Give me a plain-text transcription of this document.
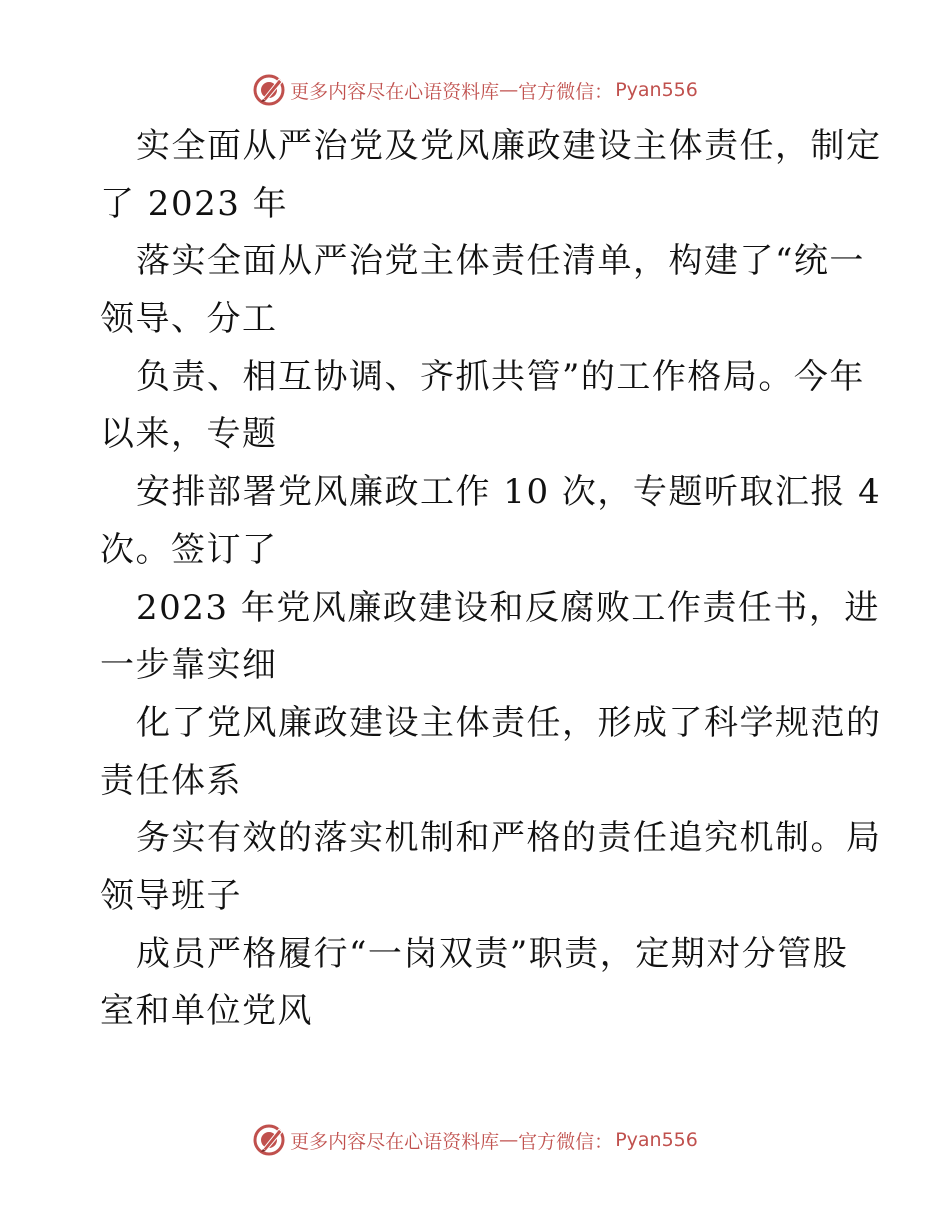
更多内容尽在心语资料库 — 官方微信： Pyan556
实全面从严治党及党风廉政建设主体责任，制定
了 2023 年
落实全面从严治党主体责任清单，构建了“统一
领导、分工
负责、相互协调、齐抓共管”的工作格局。今年
以来，专题
安排部署党风廉政工作 10 次，专题听取汇报 4
次。签订了
2023 年党风廉政建设和反腐败工作责任书，进
一步靠实细
化了党风廉政建设主体责任，形成了科学规范的
责任体系
务实有效的落实机制和严格的责任追究机制。局
领导班子
成员严格履行“一岗双责”职责，定期对分管股
室和单位党风
更多内容尽在心语资料库 — 官方微信： Pyan556
